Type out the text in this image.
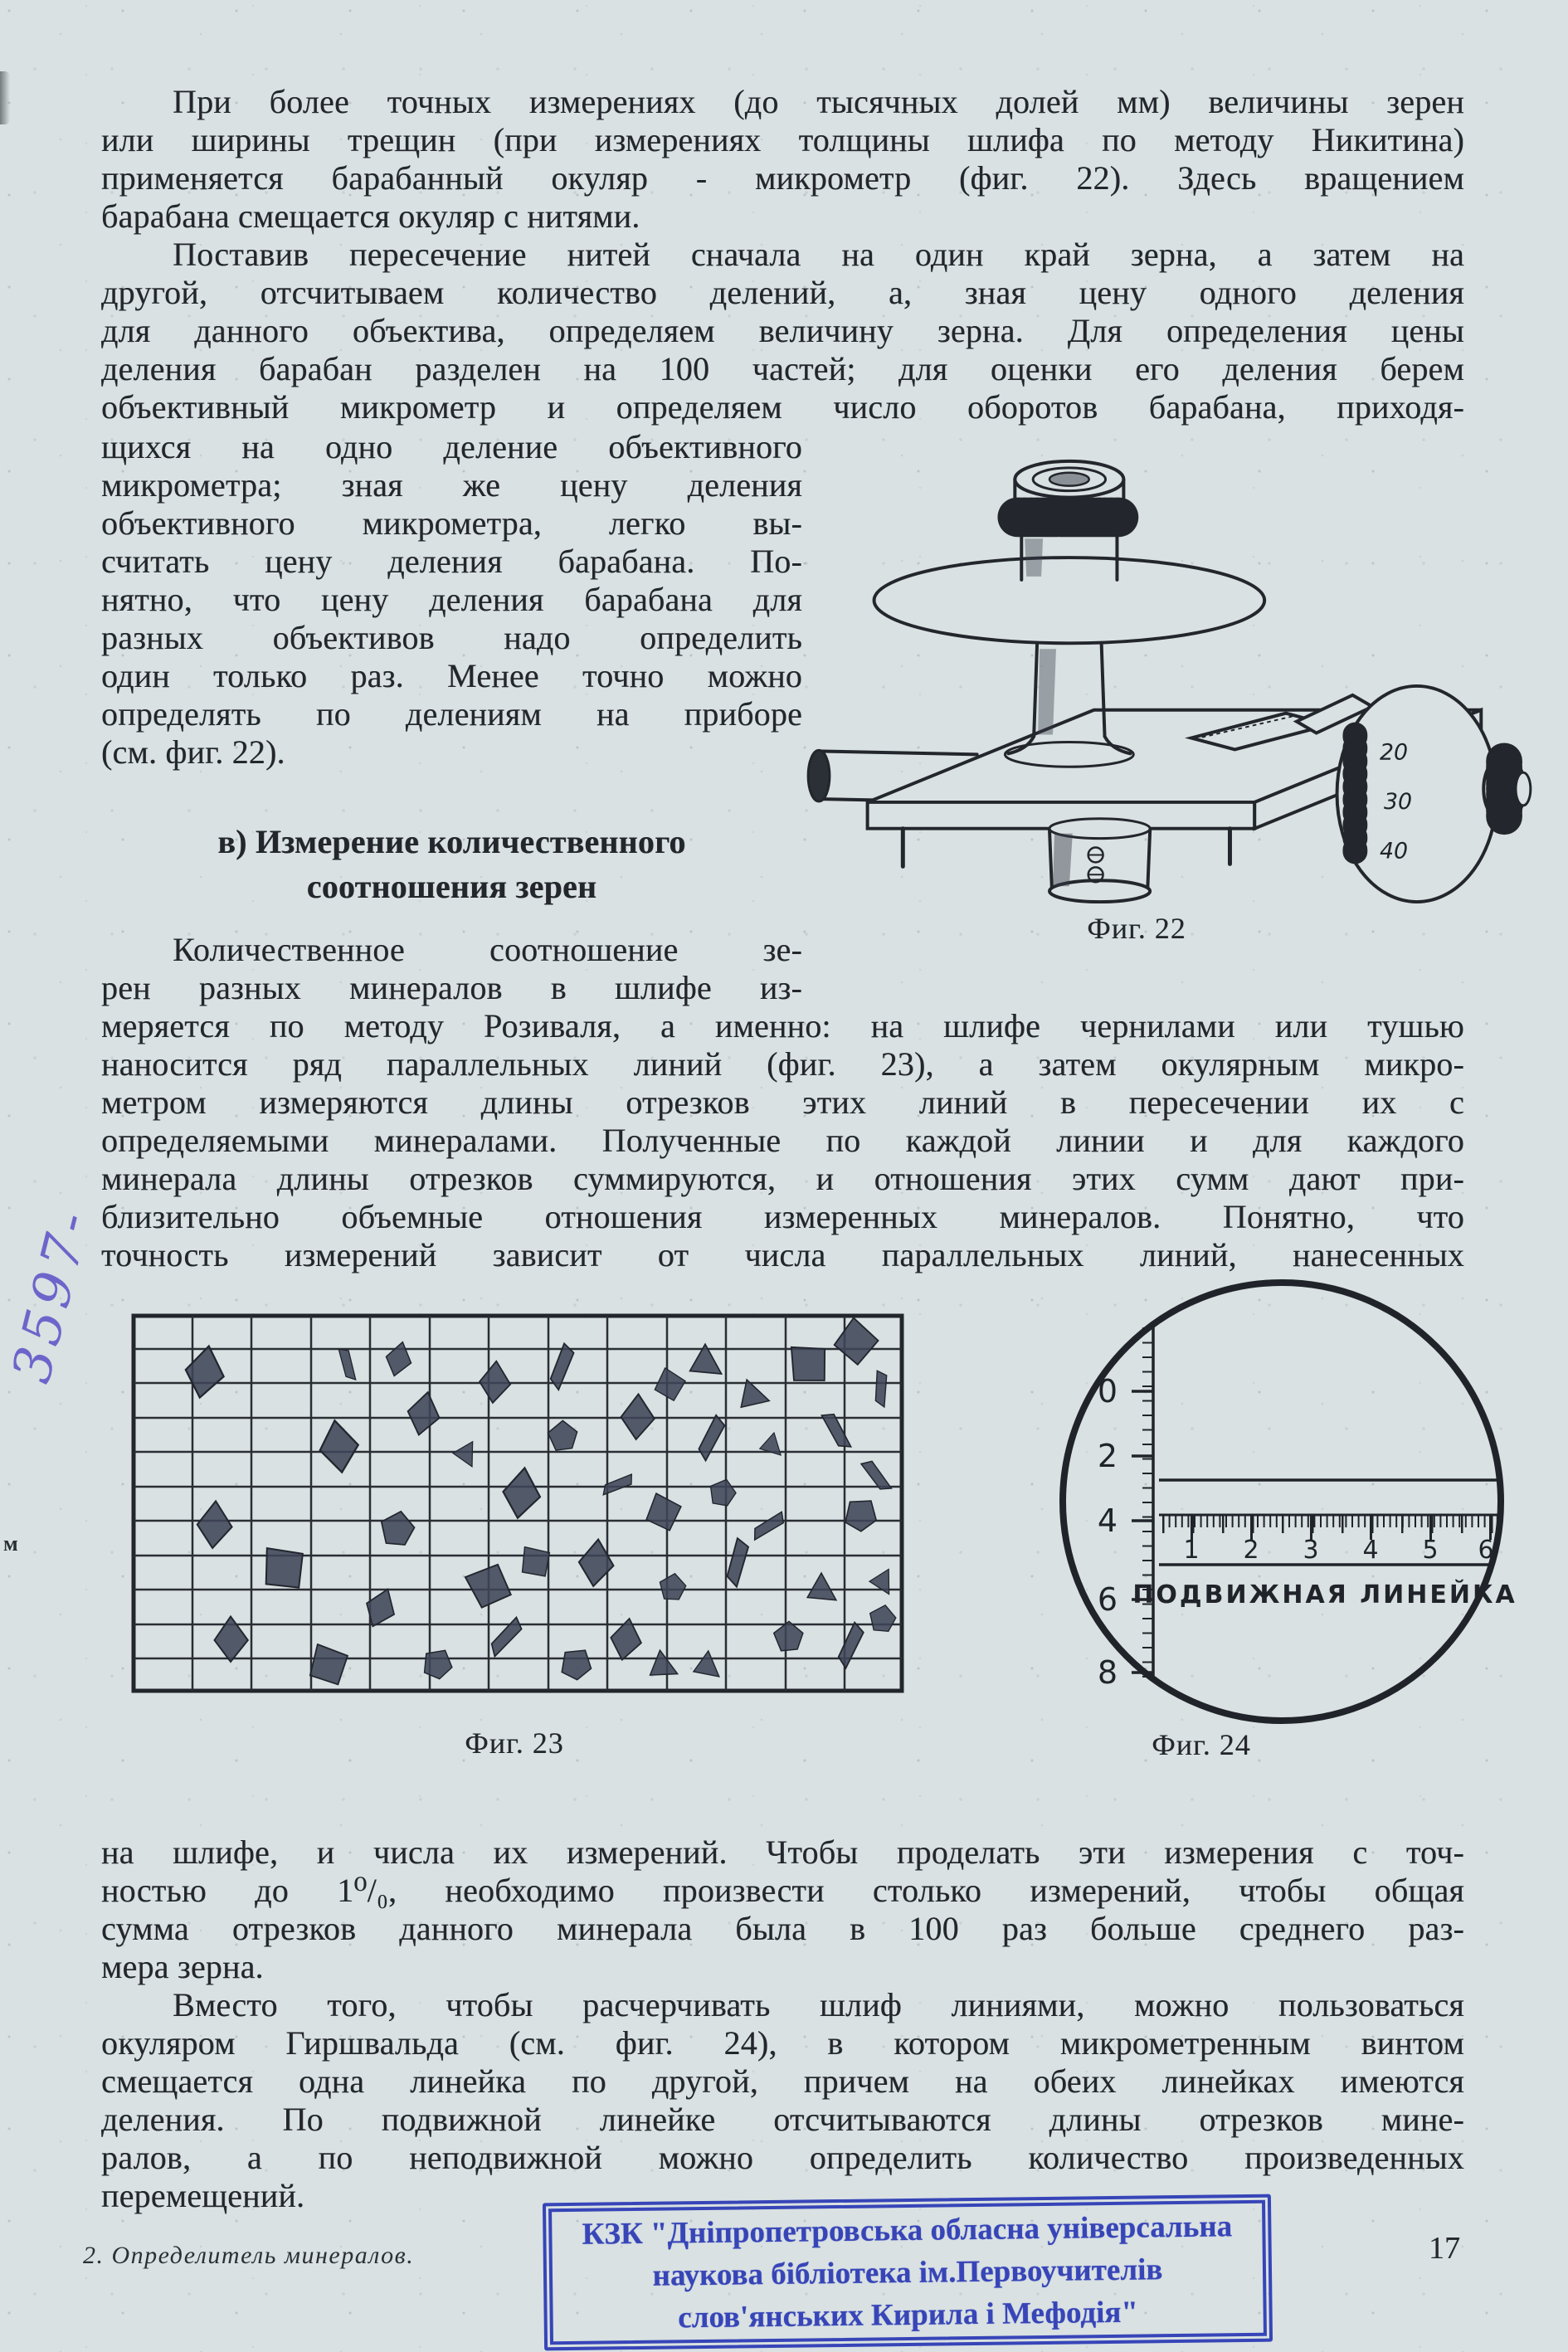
При более точных измерениях (до тысячных долей мм) величины зерен
или ширины трещин (при измерениях толщины шлифа по методу Никитина)
применяется барабанный окуляр - микрометр (фиг. 22). Здесь вращением
барабана смещается окуляр с нитями.
Поставив пересечение нитей сначала на один край зерна, а затем на
другой, отсчитываем количество делений, а, зная цену одного деления
для данного объектива, определяем величину зерна. Для определения цены
деления барабан разделен на 100 частей; для оценки его деления берем
объективный микрометр и определяем число оборотов барабана, приходя-
щихся на одно деление объективного
микрометра; зная же цену деления
объективного микрометра, легко вы-
считать цену деления барабана. По-
нятно, что цену деления барабана для
разных объективов надо определить
один только раз. Менее точно можно
определять по делениям на приборе
(см. фиг. 22).
в) Измерение количественного
соотношения зерен
Количественное соотношение зе-
рен разных минералов в шлифе из-
меряется по методу Розиваля, а именно: на шлифе чернилами или тушью
наносится ряд параллельных линий (фиг. 23), а затем окулярным микро-
метром измеряются длины отрезков этих линий в пересечении их с
определяемыми минералами. Полученные по каждой линии и для каждого
минерала длины отрезков суммируются, и отношения этих сумм дают при-
близительно объемные отношения измеренных минералов. Понятно, что
точность измерений зависит от числа параллельных линий, нанесенных
на шлифе, и числа их измерений. Чтобы проделать эти измерения с точ-
ностью до 1⁰/₀, необходимо произвести столько измерений, чтобы общая
сумма отрезков данного минерала была в 100 раз больше среднего раз-
мера зерна.
Вместо того, чтобы расчерчивать шлиф линиями, можно пользоваться
окуляром Гиршвальда (см. фиг. 24), в котором микрометренным винтом
смещается одна линейка по другой, причем на обеих линейках имеются
деления. По подвижной линейке отсчитываются длины отрезков мине-
ралов, а по неподвижной можно определить количество произведенных
перемещений.
20
30
40
Фиг. 22
Фиг. 23
0
2
4
6
8
1 2 3 4 5 6
ПОДВИЖНАЯ ЛИНЕЙКА
Фиг. 24
3597-
м
2. Определитель минералов.	17
КЗК "Дніпропетровська обласна універсальна
наукова бібліотека ім.Первоучителів
слов'янських Кирила і Мефодія"
